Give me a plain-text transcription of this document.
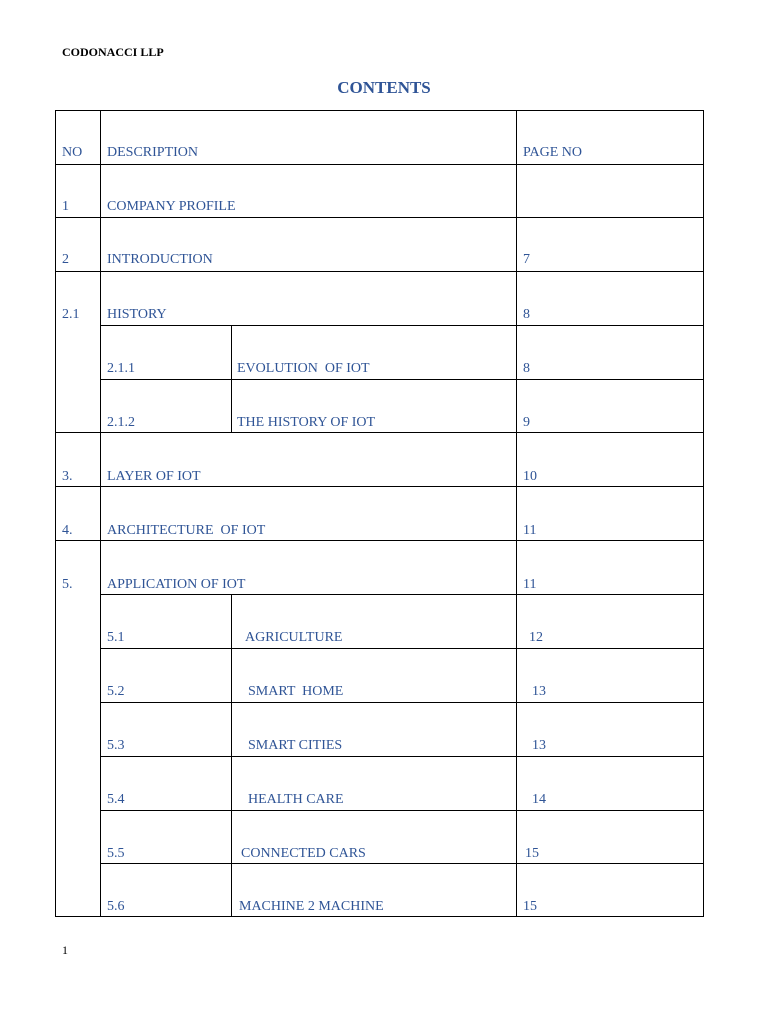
CODONACCI LLP
CONTENTS
NO DESCRIPTION	PAGE NO
1	COMPANY PROFILE
2	INTRODUCTION	7
2.1 HISTORY	8
2.1.1	EVOLUTION  OF IOT	8
2.1.2	THE HISTORY OF IOT	9
3. LAYER OF IOT	10
4. ARCHITECTURE  OF IOT	11
5. APPLICATION OF IOT	11
5.1	AGRICULTURE	12
5.2	SMART  HOME	13
5.3	SMART CITIES	13
5.4	HEALTH CARE	14
5.5	CONNECTED CARS	15
5.6	MACHINE 2 MACHINE	15
1
